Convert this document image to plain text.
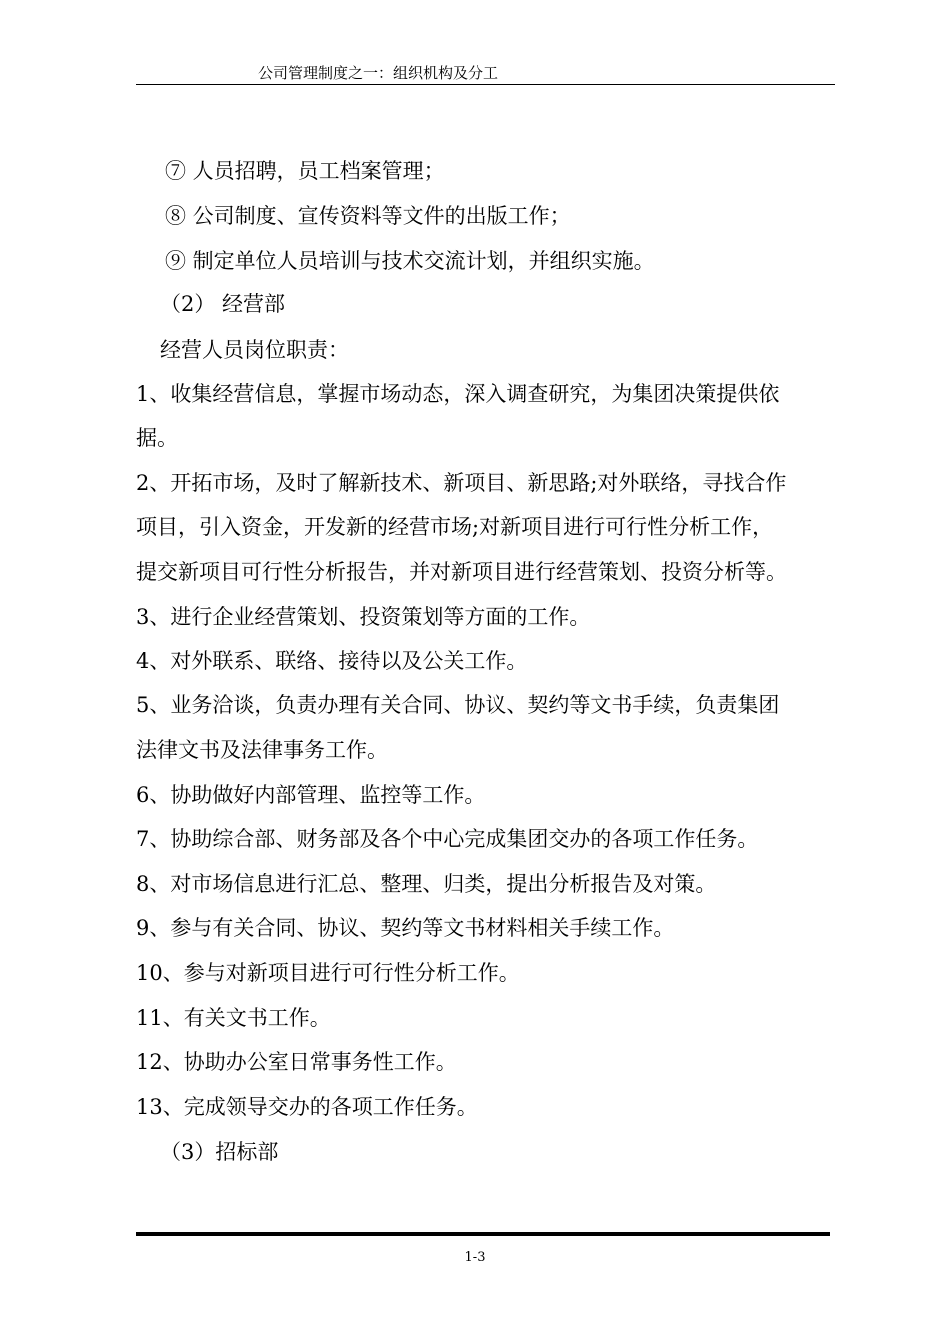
公司管理制度之一：组织机构及分工
⑦ 人员招聘，员工档案管理；
⑧ 公司制度、宣传资料等文件的出版工作；
⑨ 制定单位人员培训与技术交流计划，并组织实施。
（2） 经营部
经营人员岗位职责：
1、收集经营信息，掌握市场动态，深入调查研究，为集团决策提供依
据。
2、开拓市场，及时了解新技术、新项目、新思路;对外联络，寻找合作
项目，引入资金，开发新的经营市场;对新项目进行可行性分析工作，
提交新项目可行性分析报告，并对新项目进行经营策划、投资分析等。
3、进行企业经营策划、投资策划等方面的工作。
4、对外联系、联络、接待以及公关工作。
5、业务洽谈，负责办理有关合同、协议、契约等文书手续，负责集团
法律文书及法律事务工作。
6、协助做好内部管理、监控等工作。
7、协助综合部、财务部及各个中心完成集团交办的各项工作任务。
8、对市场信息进行汇总、整理、归类，提出分析报告及对策。
9、参与有关合同、协议、契约等文书材料相关手续工作。
10、参与对新项目进行可行性分析工作。
11、有关文书工作。
12、协助办公室日常事务性工作。
13、完成领导交办的各项工作任务。
（3）招标部
1-3
